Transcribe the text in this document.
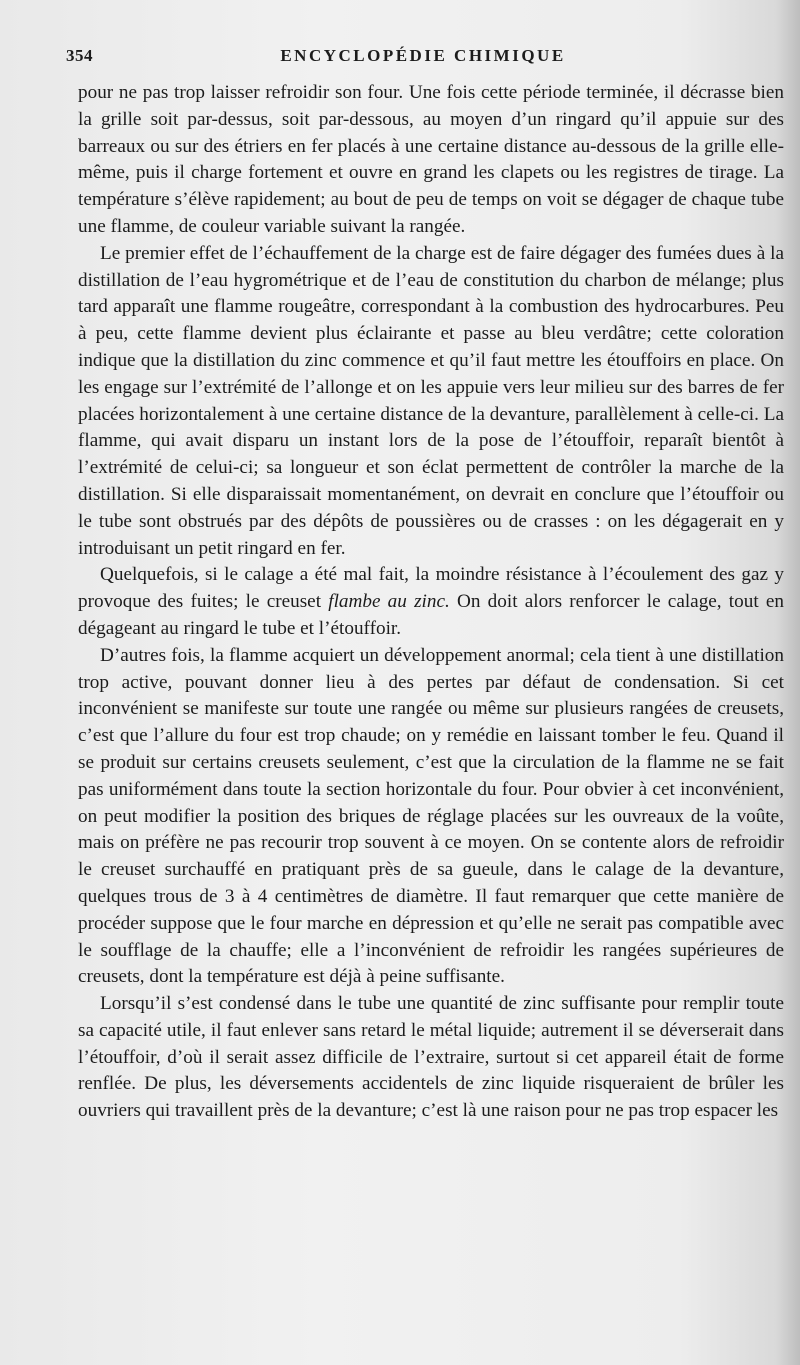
354	ENCYCLOPÉDIE CHIMIQUE

pour ne pas trop laisser refroidir son four. Une fois cette période terminée, il décrasse bien la grille soit par-dessus, soit par-dessous, au moyen d’un ringard qu’il appuie sur des barreaux ou sur des étriers en fer placés à une certaine distance au-dessous de la grille elle-même, puis il charge fortement et ouvre en grand les clapets ou les registres de tirage. La température s’élève rapidement; au bout de peu de temps on voit se dégager de chaque tube une flamme, de couleur variable suivant la rangée.

Le premier effet de l’échauffement de la charge est de faire dégager des fumées dues à la distillation de l’eau hygrométrique et de l’eau de constitution du charbon de mélange; plus tard apparaît une flamme rougeâtre, correspondant à la combustion des hydrocarbures. Peu à peu, cette flamme devient plus éclairante et passe au bleu verdâtre; cette coloration indique que la distillation du zinc commence et qu’il faut mettre les étouffoirs en place. On les engage sur l’extrémité de l’allonge et on les appuie vers leur milieu sur des barres de fer placées horizontalement à une certaine distance de la devanture, parallèlement à celle-ci. La flamme, qui avait disparu un instant lors de la pose de l’étouffoir, reparaît bientôt à l’extrémité de celui-ci; sa longueur et son éclat permettent de contrôler la marche de la distillation. Si elle disparaissait momentanément, on devrait en conclure que l’étouffoir ou le tube sont obstrués par des dépôts de poussières ou de crasses : on les dégagerait en y introduisant un petit ringard en fer.

Quelquefois, si le calage a été mal fait, la moindre résistance à l’écoulement des gaz y provoque des fuites; le creuset flambe au zinc. On doit alors renforcer le calage, tout en dégageant au ringard le tube et l’étouffoir.

D’autres fois, la flamme acquiert un développement anormal; cela tient à une distillation trop active, pouvant donner lieu à des pertes par défaut de condensation. Si cet inconvénient se manifeste sur toute une rangée ou même sur plusieurs rangées de creusets, c’est que l’allure du four est trop chaude; on y remédie en laissant tomber le feu. Quand il se produit sur certains creusets seulement, c’est que la circulation de la flamme ne se fait pas uniformément dans toute la section horizontale du four. Pour obvier à cet inconvénient, on peut modifier la position des briques de réglage placées sur les ouvreaux de la voûte, mais on préfère ne pas recourir trop souvent à ce moyen. On se contente alors de refroidir le creuset surchauffé en pratiquant près de sa gueule, dans le calage de la devanture, quelques trous de 3 à 4 centimètres de diamètre. Il faut remarquer que cette manière de procéder suppose que le four marche en dépression et qu’elle ne serait pas compatible avec le soufflage de la chauffe; elle a l’inconvénient de refroidir les rangées supérieures de creusets, dont la température est déjà à peine suffisante.

Lorsqu’il s’est condensé dans le tube une quantité de zinc suffisante pour remplir toute sa capacité utile, il faut enlever sans retard le métal liquide; autrement il se déverserait dans l’étouffoir, d’où il serait assez difficile de l’extraire, surtout si cet appareil était de forme renflée. De plus, les déversements accidentels de zinc liquide risqueraient de brûler les ouvriers qui travaillent près de la devanture; c’est là une raison pour ne pas trop espacer les
